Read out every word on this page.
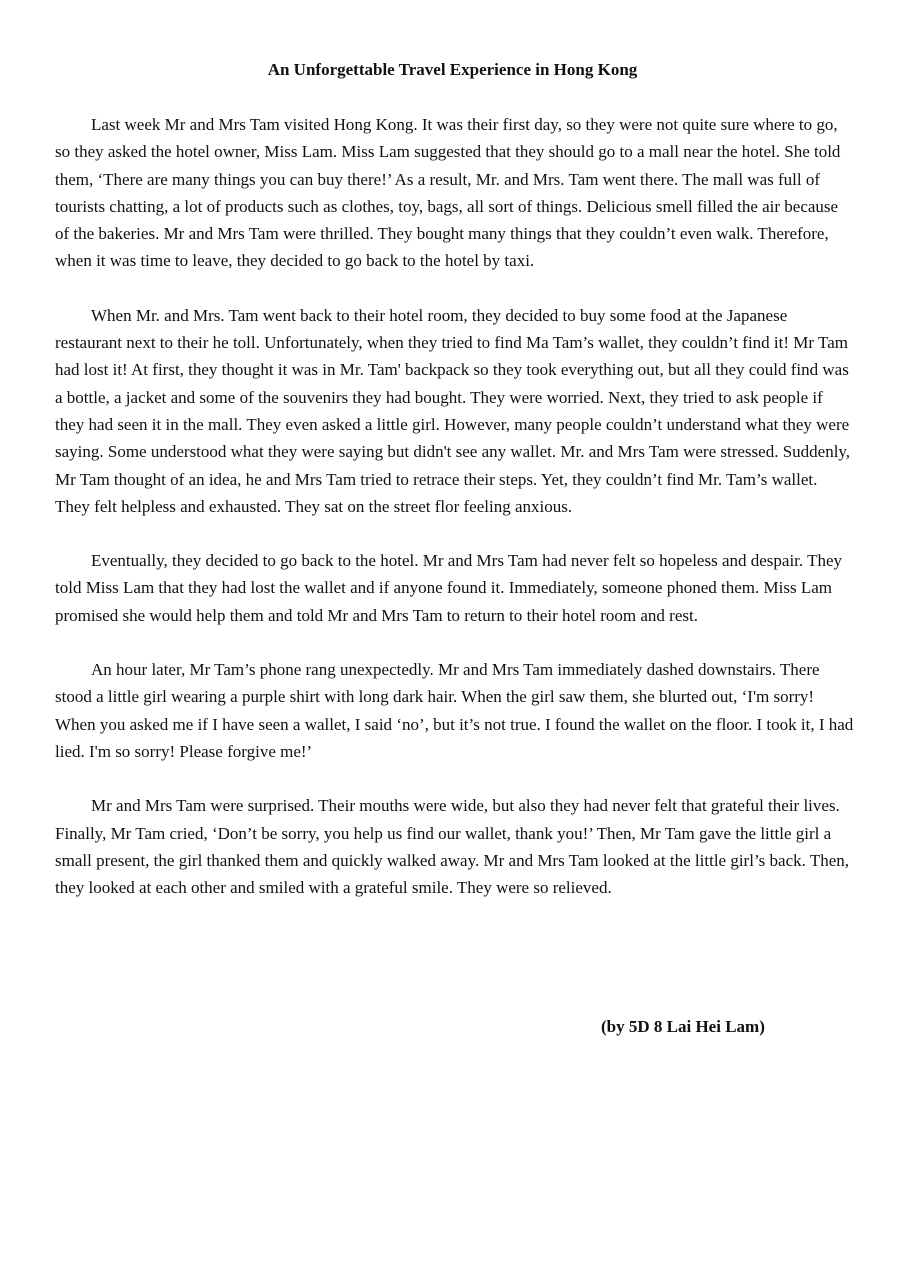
An Unforgettable Travel Experience in Hong Kong

Last week Mr and Mrs Tam visited Hong Kong. It was their first day, so they were not quite sure where to go, so they asked the hotel owner, Miss Lam. Miss Lam suggested that they should go to a mall near the hotel. She told them, ‘There are many things you can buy there!’ As a result, Mr. and Mrs. Tam went there. The mall was full of tourists chatting, a lot of products such as clothes, toy, bags, all sort of things. Delicious smell filled the air because of the bakeries. Mr and Mrs Tam were thrilled. They bought many things that they couldn’t even walk. Therefore, when it was time to leave, they decided to go back to the hotel by taxi.

When Mr. and Mrs. Tam went back to their hotel room, they decided to buy some food at the Japanese restaurant next to their he toll. Unfortunately, when they tried to find Ma Tam’s wallet, they couldn’t find it! Mr Tam had lost it! At first, they thought it was in Mr. Tam' backpack so they took everything out, but all they could find was a bottle, a jacket and some of the souvenirs they had bought. They were worried. Next, they tried to ask people if they had seen it in the mall. They even asked a little girl. However, many people couldn’t understand what they were saying. Some understood what they were saying but didn't see any wallet. Mr. and Mrs Tam were stressed. Suddenly, Mr Tam thought of an idea, he and Mrs Tam tried to retrace their steps. Yet, they couldn’t find Mr. Tam’s wallet. They felt helpless and exhausted. They sat on the street flor feeling anxious.

Eventually, they decided to go back to the hotel. Mr and Mrs Tam had never felt so hopeless and despair. They told Miss Lam that they had lost the wallet and if anyone found it. Immediately, someone phoned them. Miss Lam promised she would help them and told Mr and Mrs Tam to return to their hotel room and rest.

An hour later, Mr Tam’s phone rang unexpectedly. Mr and Mrs Tam immediately dashed downstairs. There stood a little girl wearing a purple shirt with long dark hair. When the girl saw them, she blurted out, ‘I'm sorry! When you asked me if I have seen a wallet, I said ‘no’, but it’s not true. I found the wallet on the floor. I took it, I had lied. I'm so sorry! Please forgive me!’

Mr and Mrs Tam were surprised. Their mouths were wide, but also they had never felt that grateful their lives. Finally, Mr Tam cried, ‘Don’t be sorry, you help us find our wallet, thank you!’ Then, Mr Tam gave the little girl a small present, the girl thanked them and quickly walked away. Mr and Mrs Tam looked at the little girl’s back. Then, they looked at each other and smiled with a grateful smile. They were so relieved.

(by 5D 8 Lai Hei Lam)
